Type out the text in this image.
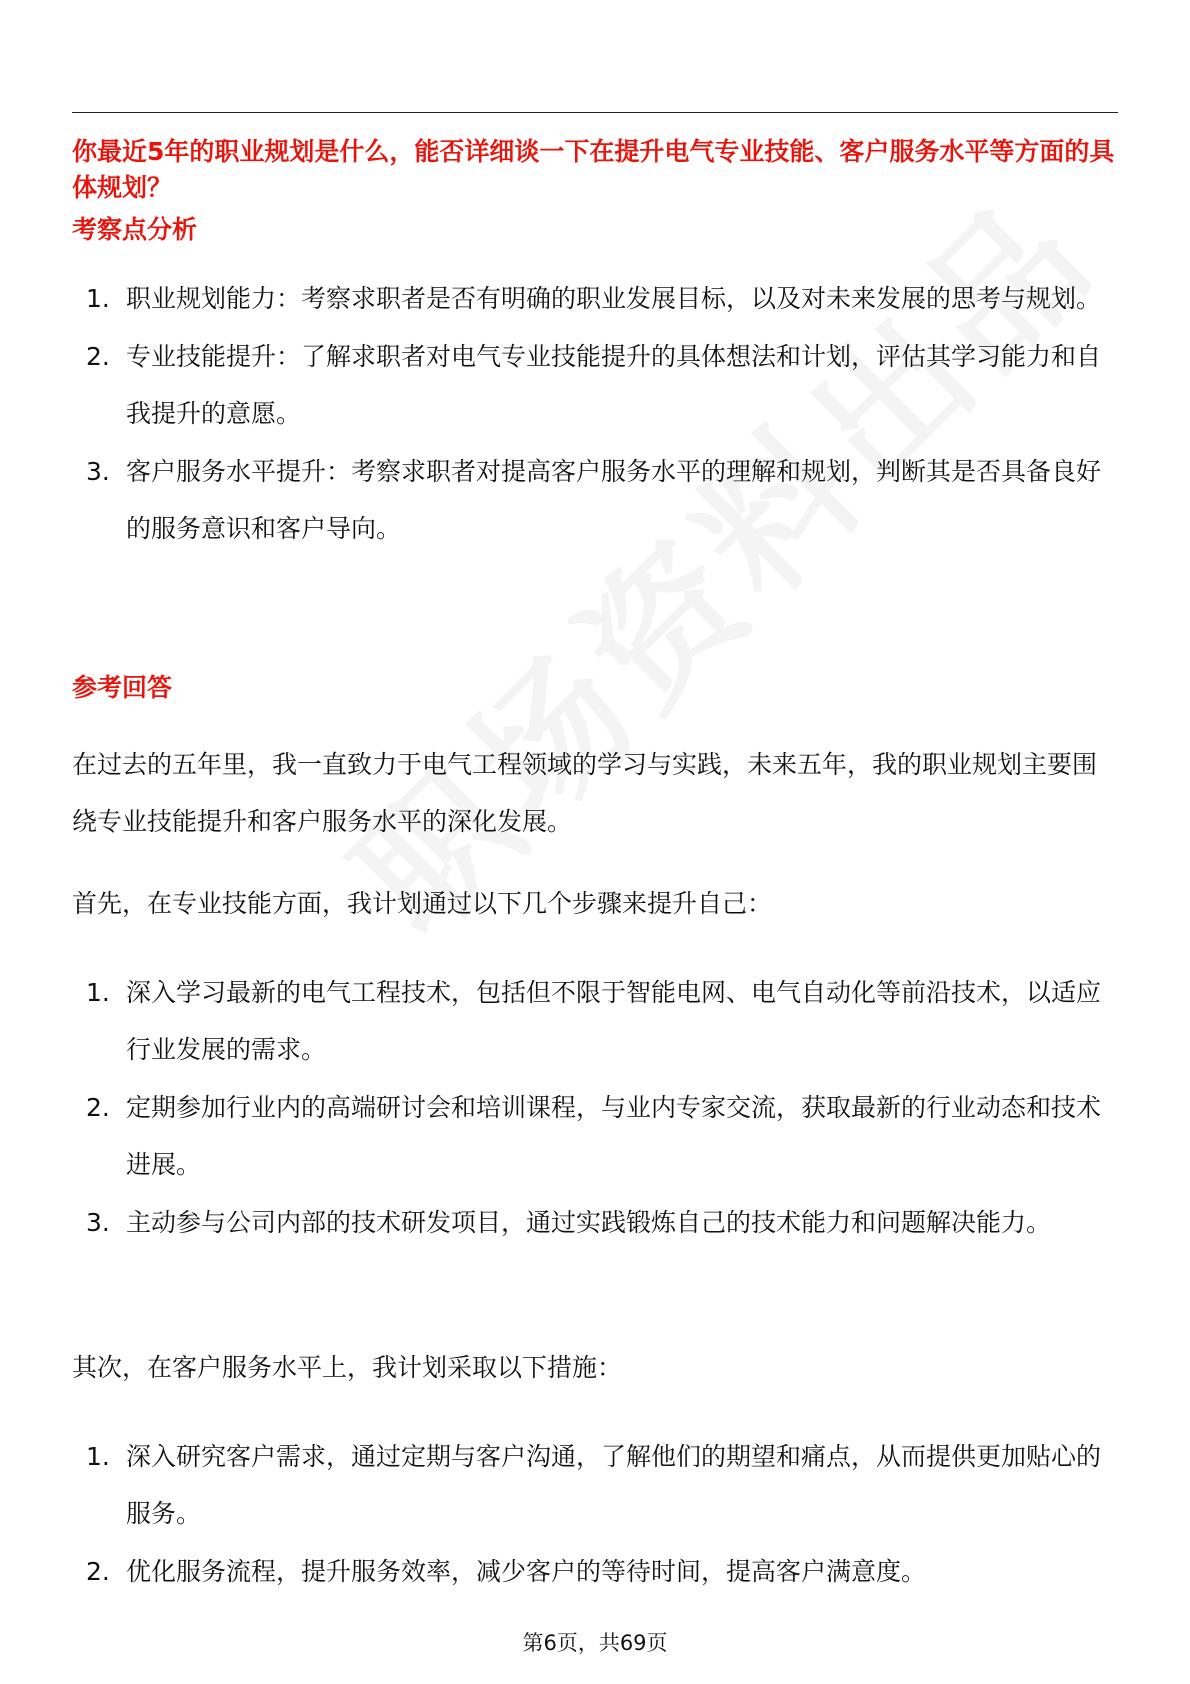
你最近5年的职业规划是什么，能否详细谈一下在提升电气专业技能、客户服务水平等方面的具体规划？
考察点分析
1. 职业规划能力：考察求职者是否有明确的职业发展目标，以及对未来发展的思考与规划。
2. 专业技能提升：了解求职者对电气专业技能提升的具体想法和计划，评估其学习能力和自我提升的意愿。
3. 客户服务水平提升：考察求职者对提高客户服务水平的理解和规划，判断其是否具备良好的服务意识和客户导向。
参考回答

在过去的五年里，我一直致力于电气工程领域的学习与实践，未来五年，我的职业规划主要围绕专业技能提升和客户服务水平的深化发展。

首先，在专业技能方面，我计划通过以下几个步骤来提升自己：

1. 深入学习最新的电气工程技术，包括但不限于智能电网、电气自动化等前沿技术，以适应行业发展的需求。
2. 定期参加行业内的高端研讨会和培训课程，与业内专家交流，获取最新的行业动态和技术进展。
3. 主动参与公司内部的技术研发项目，通过实践锻炼自己的技术能力和问题解决能力。

其次，在客户服务水平上，我计划采取以下措施：

1. 深入研究客户需求，通过定期与客户沟通，了解他们的期望和痛点，从而提供更加贴心的服务。
2. 优化服务流程，提升服务效率，减少客户的等待时间，提高客户满意度。
第6页，共69页
